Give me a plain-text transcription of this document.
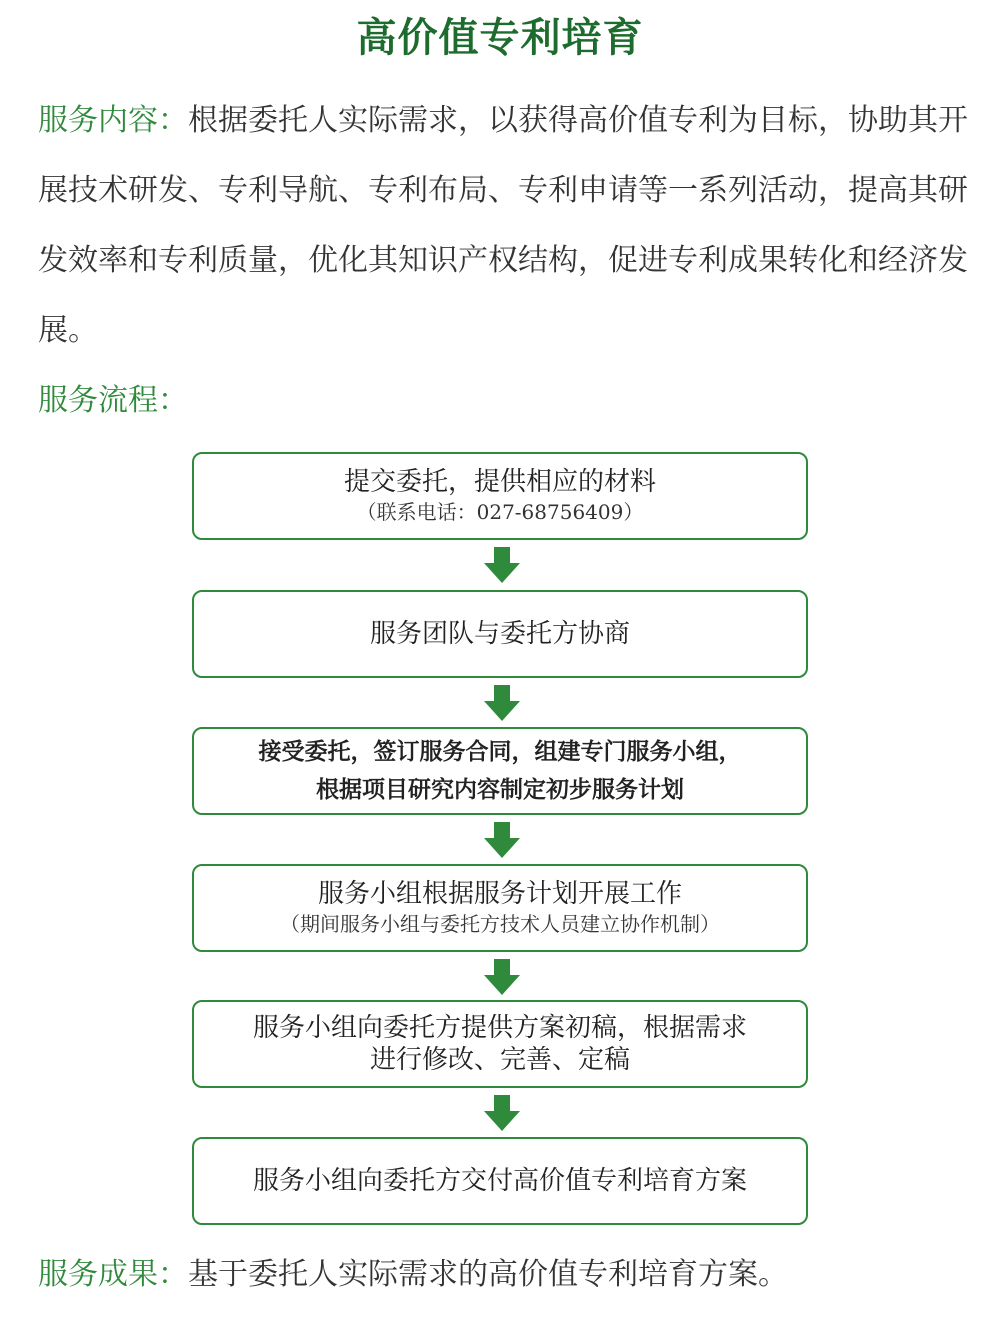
高价值专利培育
服务内容：根据委托人实际需求，以获得高价值专利为目标，协助其开展技术研发、专利导航、专利布局、专利申请等一系列活动，提高其研发效率和专利质量，优化其知识产权结构，促进专利成果转化和经济发展。
服务流程：
提交委托，提供相应的材料
（联系电话：027-68756409）
服务团队与委托方协商
接受委托，签订服务合同，组建专门服务小组，
根据项目研究内容制定初步服务计划
服务小组根据服务计划开展工作
（期间服务小组与委托方技术人员建立协作机制）
服务小组向委托方提供方案初稿，根据需求
进行修改、完善、定稿
服务小组向委托方交付高价值专利培育方案
服务成果：基于委托人实际需求的高价值专利培育方案。
